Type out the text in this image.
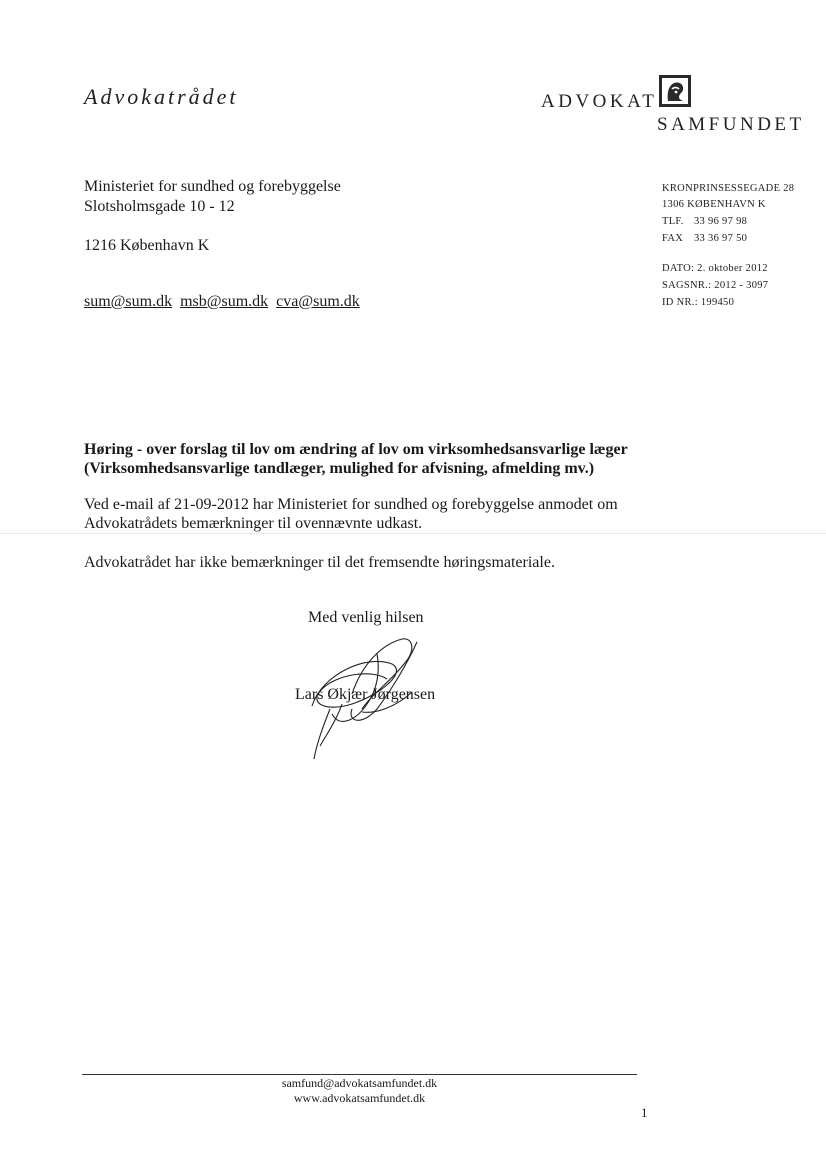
Advokatrådet	ADVOKAT
SAMFUNDET
Ministeriet for sundhed og forebyggelse
Slotsholmsgade 10 - 12
1216 København K
sum@sum.dk msb@sum.dk cva@sum.dk
KRONPRINSESSEGADE 28
1306 KØBENHAVN K
TLF. 33 96 97 98
FAX 33 36 97 50
DATO: 2. oktober 2012
SAGSNR.: 2012 - 3097
ID NR.: 199450
Høring - over forslag til lov om ændring af lov om virksomhedsansvarlige læger
(Virksomhedsansvarlige tandlæger, mulighed for afvisning, afmelding mv.)
Ved e-mail af 21-09-2012 har Ministeriet for sundhed og forebyggelse anmodet om
Advokatrådets bemærkninger til ovennævnte udkast.
Advokatrådet har ikke bemærkninger til det fremsendte høringsmateriale.
Med venlig hilsen
Lars Økjær Jørgensen
samfund@advokatsamfundet.dk
www.advokatsamfundet.dk
1
